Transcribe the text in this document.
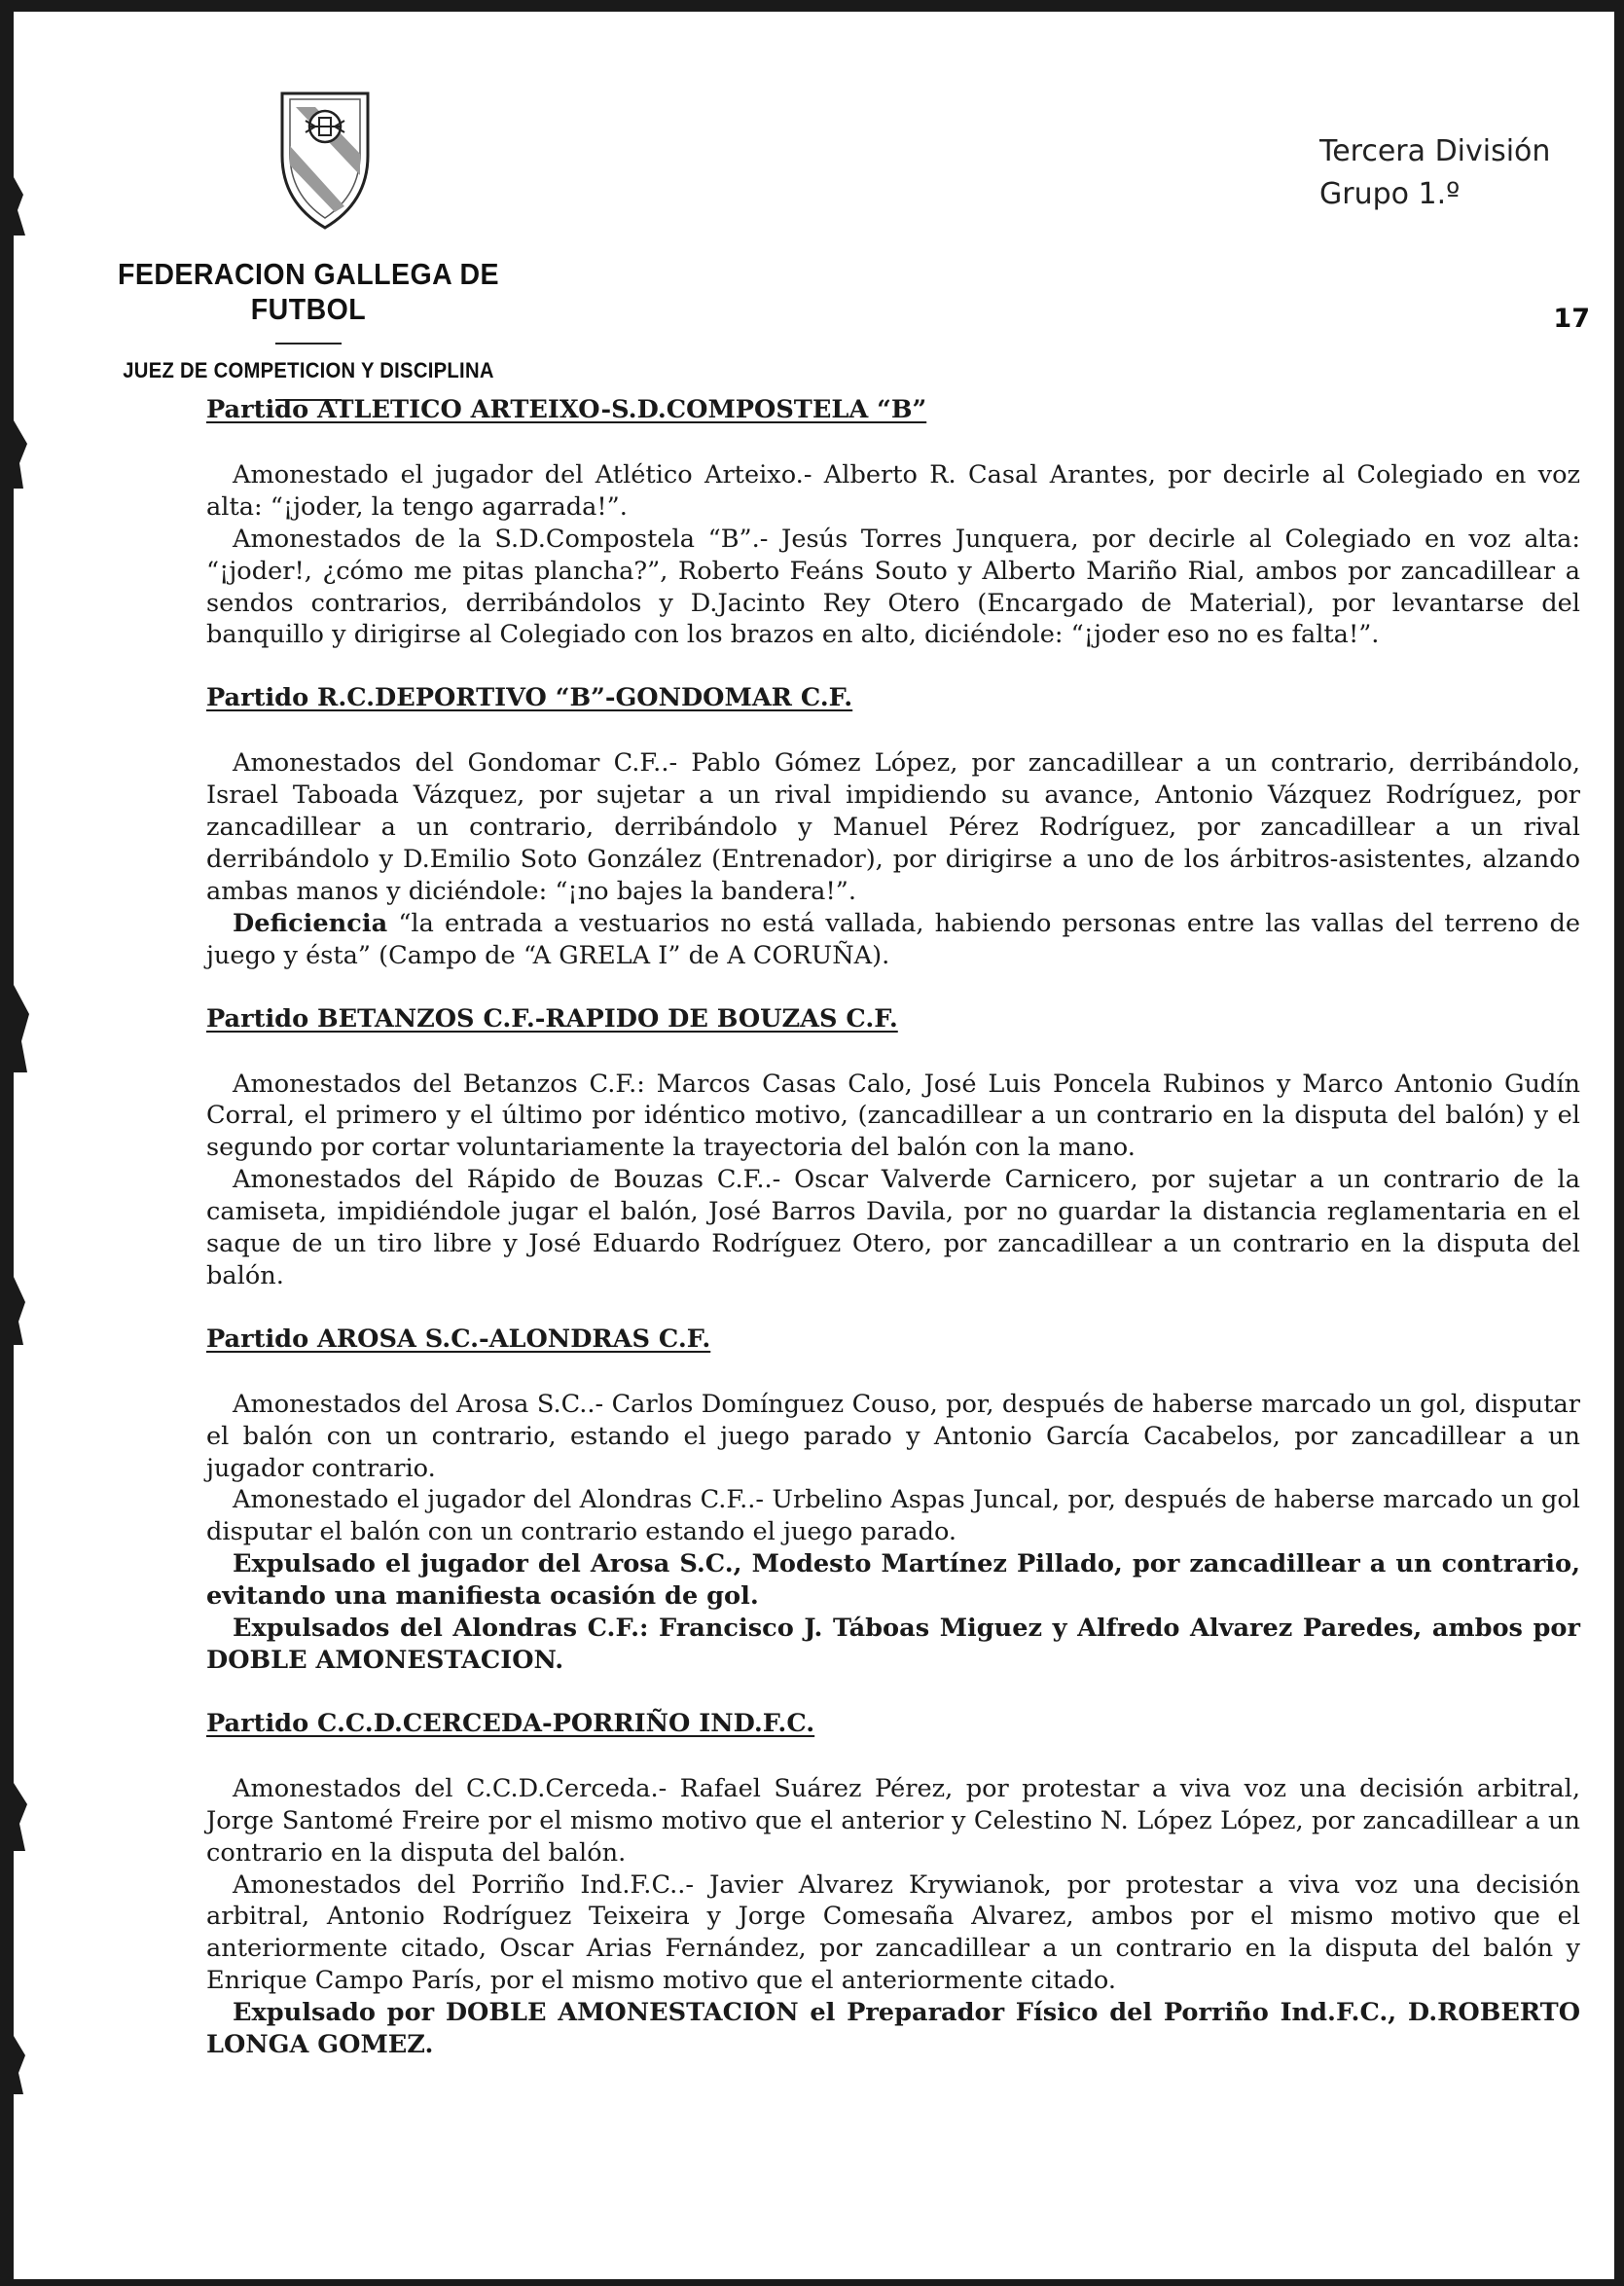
FEDERACION GALLEGA DE FUTBOL
JUEZ DE COMPETICION Y DISCIPLINA
Tercera División
Grupo 1.º
17
Partido ATLETICO ARTEIXO-S.D.COMPOSTELA “B”

Amonestado el jugador del Atlético Arteixo.- Alberto R. Casal Arantes, por decirle al Colegiado en voz alta: “¡joder, la tengo agarrada!”.

Amonestados de la S.D.Compostela “B”.- Jesús Torres Junquera, por decirle al Colegiado en voz alta: “¡joder!, ¿cómo me pitas plancha?”, Roberto Feáns Souto y Alberto Mariño Rial, ambos por zancadillear a sendos contrarios, derribándolos y D.Jacinto Rey Otero (Encargado de Material), por levantarse del banquillo y dirigirse al Colegiado con los brazos en alto, diciéndole: “¡joder eso no es falta!”.

Partido R.C.DEPORTIVO “B”-GONDOMAR C.F.

Amonestados del Gondomar C.F..- Pablo Gómez López, por zancadillear a un contrario, derribándolo, Israel Taboada Vázquez, por sujetar a un rival impidiendo su avance, Antonio Vázquez Rodríguez, por zancadillear a un contrario, derribándolo y Manuel Pérez Rodríguez, por zancadillear a un rival derribándolo y D.Emilio Soto González (Entrenador), por dirigirse a uno de los árbitros-asistentes, alzando ambas manos y diciéndole: “¡no bajes la bandera!”.

Deficiencia “la entrada a vestuarios no está vallada, habiendo personas entre las vallas del terreno de juego y ésta” (Campo de “A GRELA I” de A CORUÑA).

Partido BETANZOS C.F.-RAPIDO DE BOUZAS C.F.

Amonestados del Betanzos C.F.: Marcos Casas Calo, José Luis Poncela Rubinos y Marco Antonio Gudín Corral, el primero y el último por idéntico motivo, (zancadillear a un contrario en la disputa del balón) y el segundo por cortar voluntariamente la trayectoria del balón con la mano.

Amonestados del Rápido de Bouzas C.F..- Oscar Valverde Carnicero, por sujetar a un contrario de la camiseta, impidiéndole jugar el balón, José Barros Davila, por no guardar la distancia reglamentaria en el saque de un tiro libre y José Eduardo Rodríguez Otero, por zancadillear a un contrario en la disputa del balón.

Partido AROSA S.C.-ALONDRAS C.F.

Amonestados del Arosa S.C..- Carlos Domínguez Couso, por, después de haberse marcado un gol, disputar el balón con un contrario, estando el juego parado y Antonio García Cacabelos, por zancadillear a un jugador contrario.

Amonestado el jugador del Alondras C.F..- Urbelino Aspas Juncal, por, después de haberse marcado un gol disputar el balón con un contrario estando el juego parado.

Expulsado el jugador del Arosa S.C., Modesto Martínez Pillado, por zancadillear a un contrario, evitando una manifiesta ocasión de gol.

Expulsados del Alondras C.F.: Francisco J. Táboas Miguez y Alfredo Alvarez Paredes, ambos por DOBLE AMONESTACION.

Partido C.C.D.CERCEDA-PORRIÑO IND.F.C.

Amonestados del C.C.D.Cerceda.- Rafael Suárez Pérez, por protestar a viva voz una decisión arbitral, Jorge Santomé Freire por el mismo motivo que el anterior y Celestino N. López López, por zancadillear a un contrario en la disputa del balón.

Amonestados del Porriño Ind.F.C..- Javier Alvarez Krywianok, por protestar a viva voz una decisión arbitral, Antonio Rodríguez Teixeira y Jorge Comesaña Alvarez, ambos por el mismo motivo que el anteriormente citado, Oscar Arias Fernández, por zancadillear a un contrario en la disputa del balón y Enrique Campo París, por el mismo motivo que el anteriormente citado.

Expulsado por DOBLE AMONESTACION el Preparador Físico del Porriño Ind.F.C., D.ROBERTO LONGA GOMEZ.
